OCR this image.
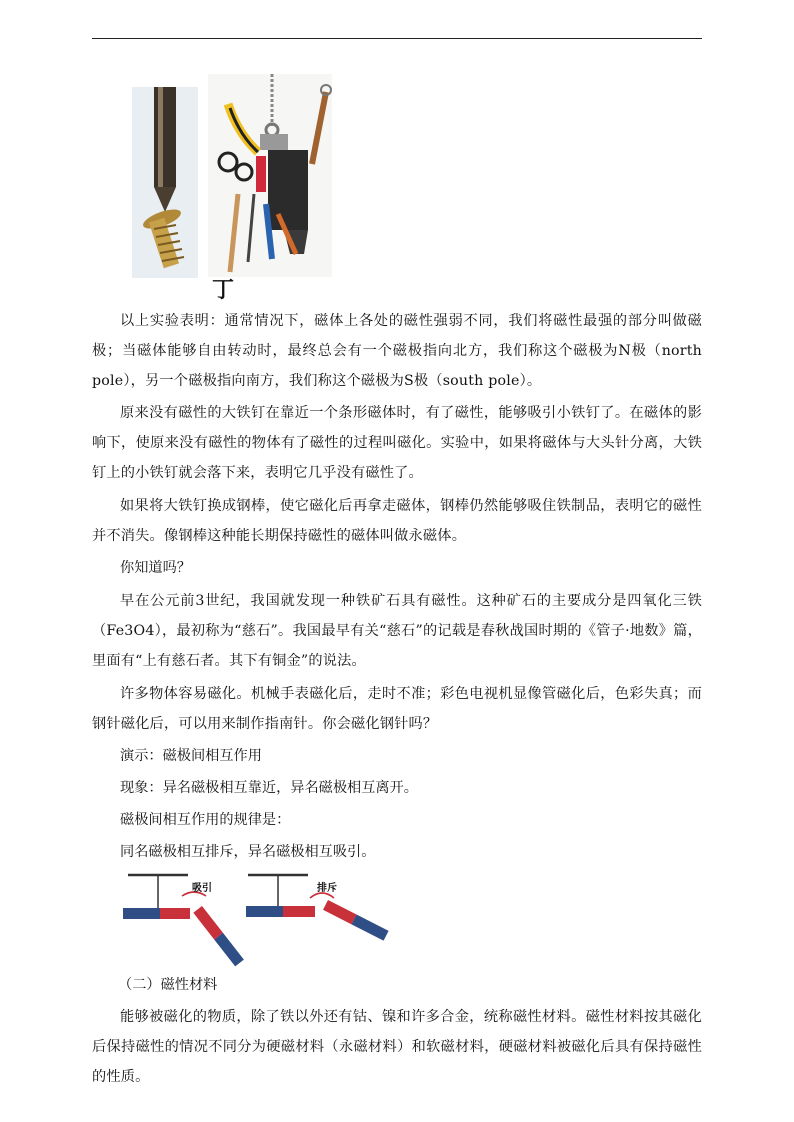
丁
以上实验表明：通常情况下，磁体上各处的磁性强弱不同，我们将磁性最强的部分叫做磁极；当磁体能够自由转动时，最终总会有一个磁极指向北方，我们称这个磁极为N极（north pole），另一个磁极指向南方，我们称这个磁极为S极（south pole）。
原来没有磁性的大铁钉在靠近一个条形磁体时，有了磁性，能够吸引小铁钉了。在磁体的影响下，使原来没有磁性的物体有了磁性的过程叫磁化。实验中，如果将磁体与大头针分离，大铁钉上的小铁钉就会落下来，表明它几乎没有磁性了。
如果将大铁钉换成钢棒，使它磁化后再拿走磁体，钢棒仍然能够吸住铁制品，表明它的磁性并不消失。像钢棒这种能长期保持磁性的磁体叫做永磁体。
你知道吗？
早在公元前3世纪，我国就发现一种铁矿石具有磁性。这种矿石的主要成分是四氧化三铁（Fe3O4），最初称为“慈石”。我国最早有关“慈石”的记载是春秋战国时期的《管子·地数》篇，里面有“上有慈石者。其下有铜金”的说法。
许多物体容易磁化。机械手表磁化后，走时不准；彩色电视机显像管磁化后，色彩失真；而钢针磁化后，可以用来制作指南针。你会磁化钢针吗？
演示：磁极间相互作用
现象：异名磁极相互靠近，异名磁极相互离开。
磁极间相互作用的规律是：
同名磁极相互排斥，异名磁极相互吸引。
吸引	排斥
（二）磁性材料
能够被磁化的物质，除了铁以外还有钴、镍和许多合金，统称磁性材料。磁性材料按其磁化后保持磁性的情况不同分为硬磁材料（永磁材料）和软磁材料，硬磁材料被磁化后具有保持磁性的性质。
